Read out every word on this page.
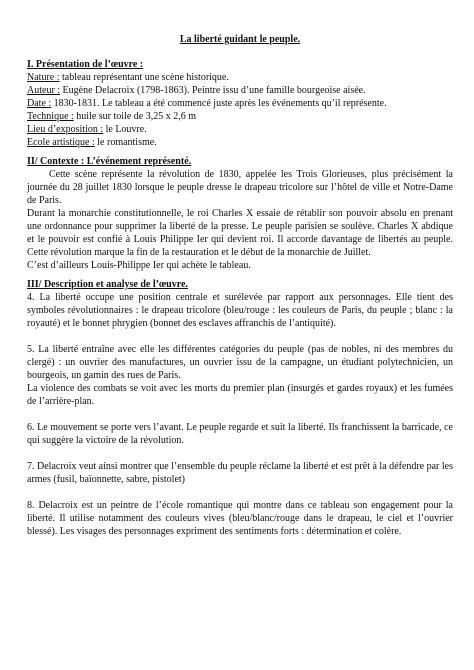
La liberté guidant le peuple.

I. Présentation de l’œuvre :

Nature : tableau représentant une scène historique.

Auteur : Eugène Delacroix (1798-1863). Peintre issu d’une famille bourgeoise aisée.

Date : 1830-1831. Le tableau a été commencé juste après les événements qu’il représente.

Technique : huile sur toile de 3,25 x 2,6 m

Lieu d’exposition : le Louvre.

Ecole artistique : le romantisme.

II/ Contexte : L’événement représenté.

Cette scène représente la révolution de 1830, appelée les Trois Glorieuses, plus précisément la journée du 28 juillet 1830 lorsque le peuple dresse le drapeau tricolore sur l’hôtel de ville et Notre-Dame de Paris.

Durant la monarchie constitutionnelle, le roi Charles X essaie de rétablir son pouvoir absolu en prenant une ordonnance pour supprimer la liberté de la presse. Le peuple parisien se soulève. Charles X abdique et le pouvoir est confié à Louis Philippe Ier qui devient roi. Il accorde davantage de libertés au peuple. Cette révolution marque la fin de la restauration et le début de la monarchie de Juillet.

C’est d’ailleurs Louis-Philippe Ier qui achète le tableau.

III/ Description et analyse de l’œuvre.

4. La liberté occupe une position centrale et surélevée par rapport aux personnages. Elle tient des symboles révolutionnaires : le drapeau tricolore (bleu/rouge : les couleurs de Paris, du peuple ; blanc : la royauté) et le bonnet phrygien (bonnet des esclaves affranchis de l’antiquité).

5. La liberté entraîne avec elle les différentes catégories du peuple (pas de nobles, ni des membres du clergé) : un ouvrier des manufactures, un ouvrier issu de la campagne, un étudiant polytechnicien, un bourgeois, un gamin des rues de Paris.

La violence des combats se voit avec les morts du premier plan (insurgés et gardes royaux) et les fumées de l’arrière-plan.

6. Le mouvement se porte vers l’avant. Le peuple regarde et suit la liberté. Ils franchissent la barricade, ce qui suggère la victoire de la révolution.

7. Delacroix veut ainsi montrer que l’ensemble du peuple réclame la liberté et est prêt à la défendre par les armes (fusil, baïonnette, sabre, pistolet)

8. Delacroix est un peintre de l’école romantique qui montre dans ce tableau son engagement pour la liberté. Il utilise notamment des couleurs vives (bleu/blanc/rouge dans le drapeau, le ciel et l’ouvrier blessé). Les visages des personnages expriment des sentiments forts : détermination et colère.
